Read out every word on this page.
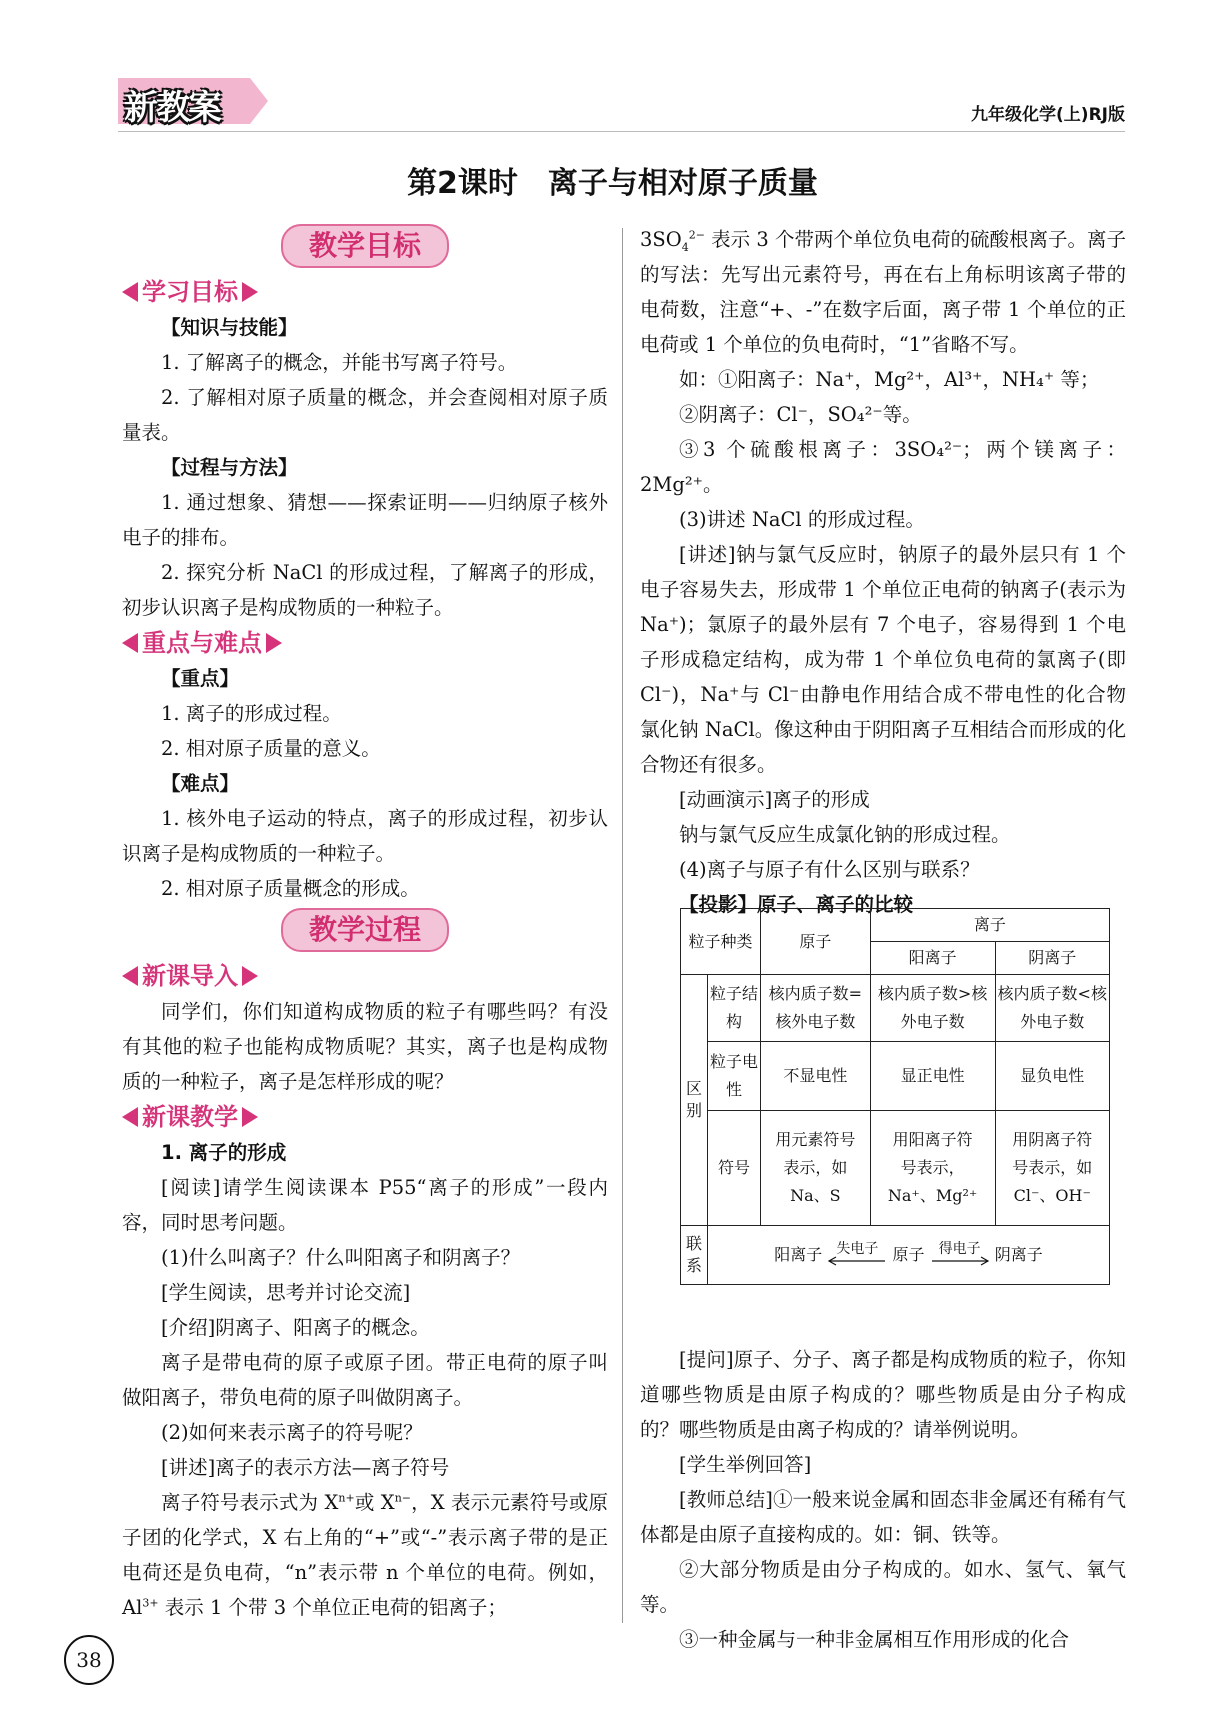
新教案	九年级化学(上)RJ版
第2课时　离子与相对原子质量
教学目标

学习目标

【知识与技能】

1. 了解离子的概念，并能书写离子符号。

2. 了解相对原子质量的概念，并会查阅相对原子质量表。

【过程与方法】

1. 通过想象、猜想——探索证明——归纳原子核外电子的排布。

2. 探究分析 NaCl 的形成过程，了解离子的形成，初步认识离子是构成物质的一种粒子。

重点与难点

【重点】

1. 离子的形成过程。

2. 相对原子质量的意义。

【难点】

1. 核外电子运动的特点，离子的形成过程，初步认识离子是构成物质的一种粒子。

2. 相对原子质量概念的形成。

教学过程

新课导入

同学们，你们知道构成物质的粒子有哪些吗？有没有其他的粒子也能构成物质呢？其实，离子也是构成物质的一种粒子，离子是怎样形成的呢？

新课教学

1. 离子的形成

[阅读]请学生阅读课本 P55“离子的形成”一段内容，同时思考问题。

(1)什么叫离子？什么叫阳离子和阴离子？

[学生阅读，思考并讨论交流]

[介绍]阴离子、阳离子的概念。

离子是带电荷的原子或原子团。带正电荷的原子叫做阳离子，带负电荷的原子叫做阴离子。

(2)如何来表示离子的符号呢？

[讲述]离子的表示方法—离子符号

离子符号表示式为 $X^{n+}$或 $X^{n-}$，X 表示元素符号或原子团的化学式，X 右上角的“+”或“-”表示离子带的是正电荷还是负电荷，“n”表示带 n 个单位的电荷。例如，$Al^{3+}$ 表示 1 个带 3 个单位正电荷的铝离子；

$3SO_4^{2-}$ 表示 3 个带两个单位负电荷的硫酸根离子。离子的写法：先写出元素符号，再在右上角标明该离子带的电荷数，注意“+、-”在数字后面，离子带 1 个单位的正电荷或 1 个单位的负电荷时，“1”省略不写。

如：①阳离子：Na⁺，Mg²⁺，Al³⁺，NH₄⁺ 等；

②阴离子：Cl⁻，SO₄²⁻等。

③3 个硫酸根离子：3SO₄²⁻；两个镁离子：2Mg²⁺。

(3)讲述 NaCl 的形成过程。

[讲述]钠与氯气反应时，钠原子的最外层只有 1 个电子容易失去，形成带 1 个单位正电荷的钠离子(表示为 Na⁺)；氯原子的最外层有 7 个电子，容易得到 1 个电子形成稳定结构，成为带 1 个单位负电荷的氯离子(即 Cl⁻)，Na⁺与 Cl⁻由静电作用结合成不带电性的化合物氯化钠 NaCl。像这种由于阴阳离子互相结合而形成的化合物还有很多。

[动画演示]离子的形成

钠与氯气反应生成氯化钠的形成过程。

(4)离子与原子有什么区别与联系？

【投影】原子、离子的比较

[提问]原子、分子、离子都是构成物质的粒子，你知道哪些物质是由原子构成的？哪些物质是由分子构成的？哪些物质是由离子构成的？请举例说明。

[学生举例回答]

[教师总结]①一般来说金属和固态非金属还有稀有气体都是由原子直接构成的。如：铜、铁等。

②大部分物质是由分子构成的。如水、氢气、氧气等。

③一种金属与一种非金属相互作用形成的化合

粒子种类		原子	离子	
			阳离子	阴离子
区别	粒子结构	核内质子数=核外电子数	核内质子数>核外电子数	核内质子数<核外电子数
	粒子电性	不显电性	显正电性	显负电性
	符号	用元素符号表示，如 Na、S	用阳离子符号表示，Na⁺、Mg²⁺	用阴离子符号表示，如 Cl⁻、OH⁻
联系	阳离子 失电子 原子 得电子 阴离子			
38
